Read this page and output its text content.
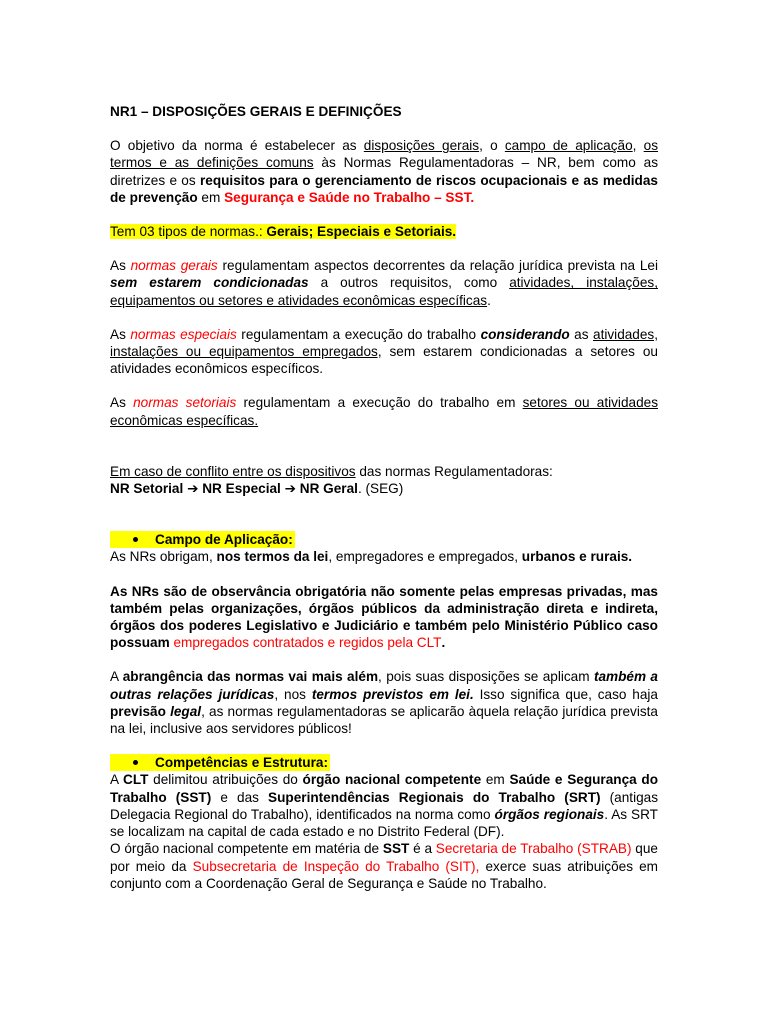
NR1 – DISPOSIÇÕES GERAIS E DEFINIÇÕES

O objetivo da norma é estabelecer as disposições gerais, o campo de aplicação, os termos e as definições comuns às Normas Regulamentadoras – NR, bem como as diretrizes e os requisitos para o gerenciamento de riscos ocupacionais e as medidas de prevenção em Segurança e Saúde no Trabalho – SST.

Tem 03 tipos de normas.: Gerais; Especiais e Setoriais.

As normas gerais regulamentam aspectos decorrentes da relação jurídica prevista na Lei sem estarem condicionadas a outros requisitos, como atividades, instalações, equipamentos ou setores e atividades econômicas específicas.

As normas especiais regulamentam a execução do trabalho considerando as atividades, instalações ou equipamentos empregados, sem estarem condicionadas a setores ou atividades econômicos específicos.

As normas setoriais regulamentam a execução do trabalho em setores ou atividades econômicas específicas.

Em caso de conflito entre os dispositivos das normas Regulamentadoras:
NR Setorial ➔ NR Especial ➔ NR Geral. (SEG)

Campo de Aplicação:

As NRs obrigam, nos termos da lei, empregadores e empregados, urbanos e rurais.

As NRs são de observância obrigatória não somente pelas empresas privadas, mas também pelas organizações, órgãos públicos da administração direta e indireta, órgãos dos poderes Legislativo e Judiciário e também pelo Ministério Público caso possuam empregados contratados e regidos pela CLT.

A abrangência das normas vai mais além, pois suas disposições se aplicam também a outras relações jurídicas, nos termos previstos em lei. Isso significa que, caso haja previsão legal, as normas regulamentadoras se aplicarão àquela relação jurídica prevista na lei, inclusive aos servidores públicos!

Competências e Estrutura:

A CLT delimitou atribuições do órgão nacional competente em Saúde e Segurança do Trabalho (SST) e das Superintendências Regionais do Trabalho (SRT) (antigas Delegacia Regional do Trabalho), identificados na norma como órgãos regionais. As SRT se localizam na capital de cada estado e no Distrito Federal (DF).

O órgão nacional competente em matéria de SST é a Secretaria de Trabalho (STRAB) que por meio da Subsecretaria de Inspeção do Trabalho (SIT), exerce suas atribuições em conjunto com a Coordenação Geral de Segurança e Saúde no Trabalho.
